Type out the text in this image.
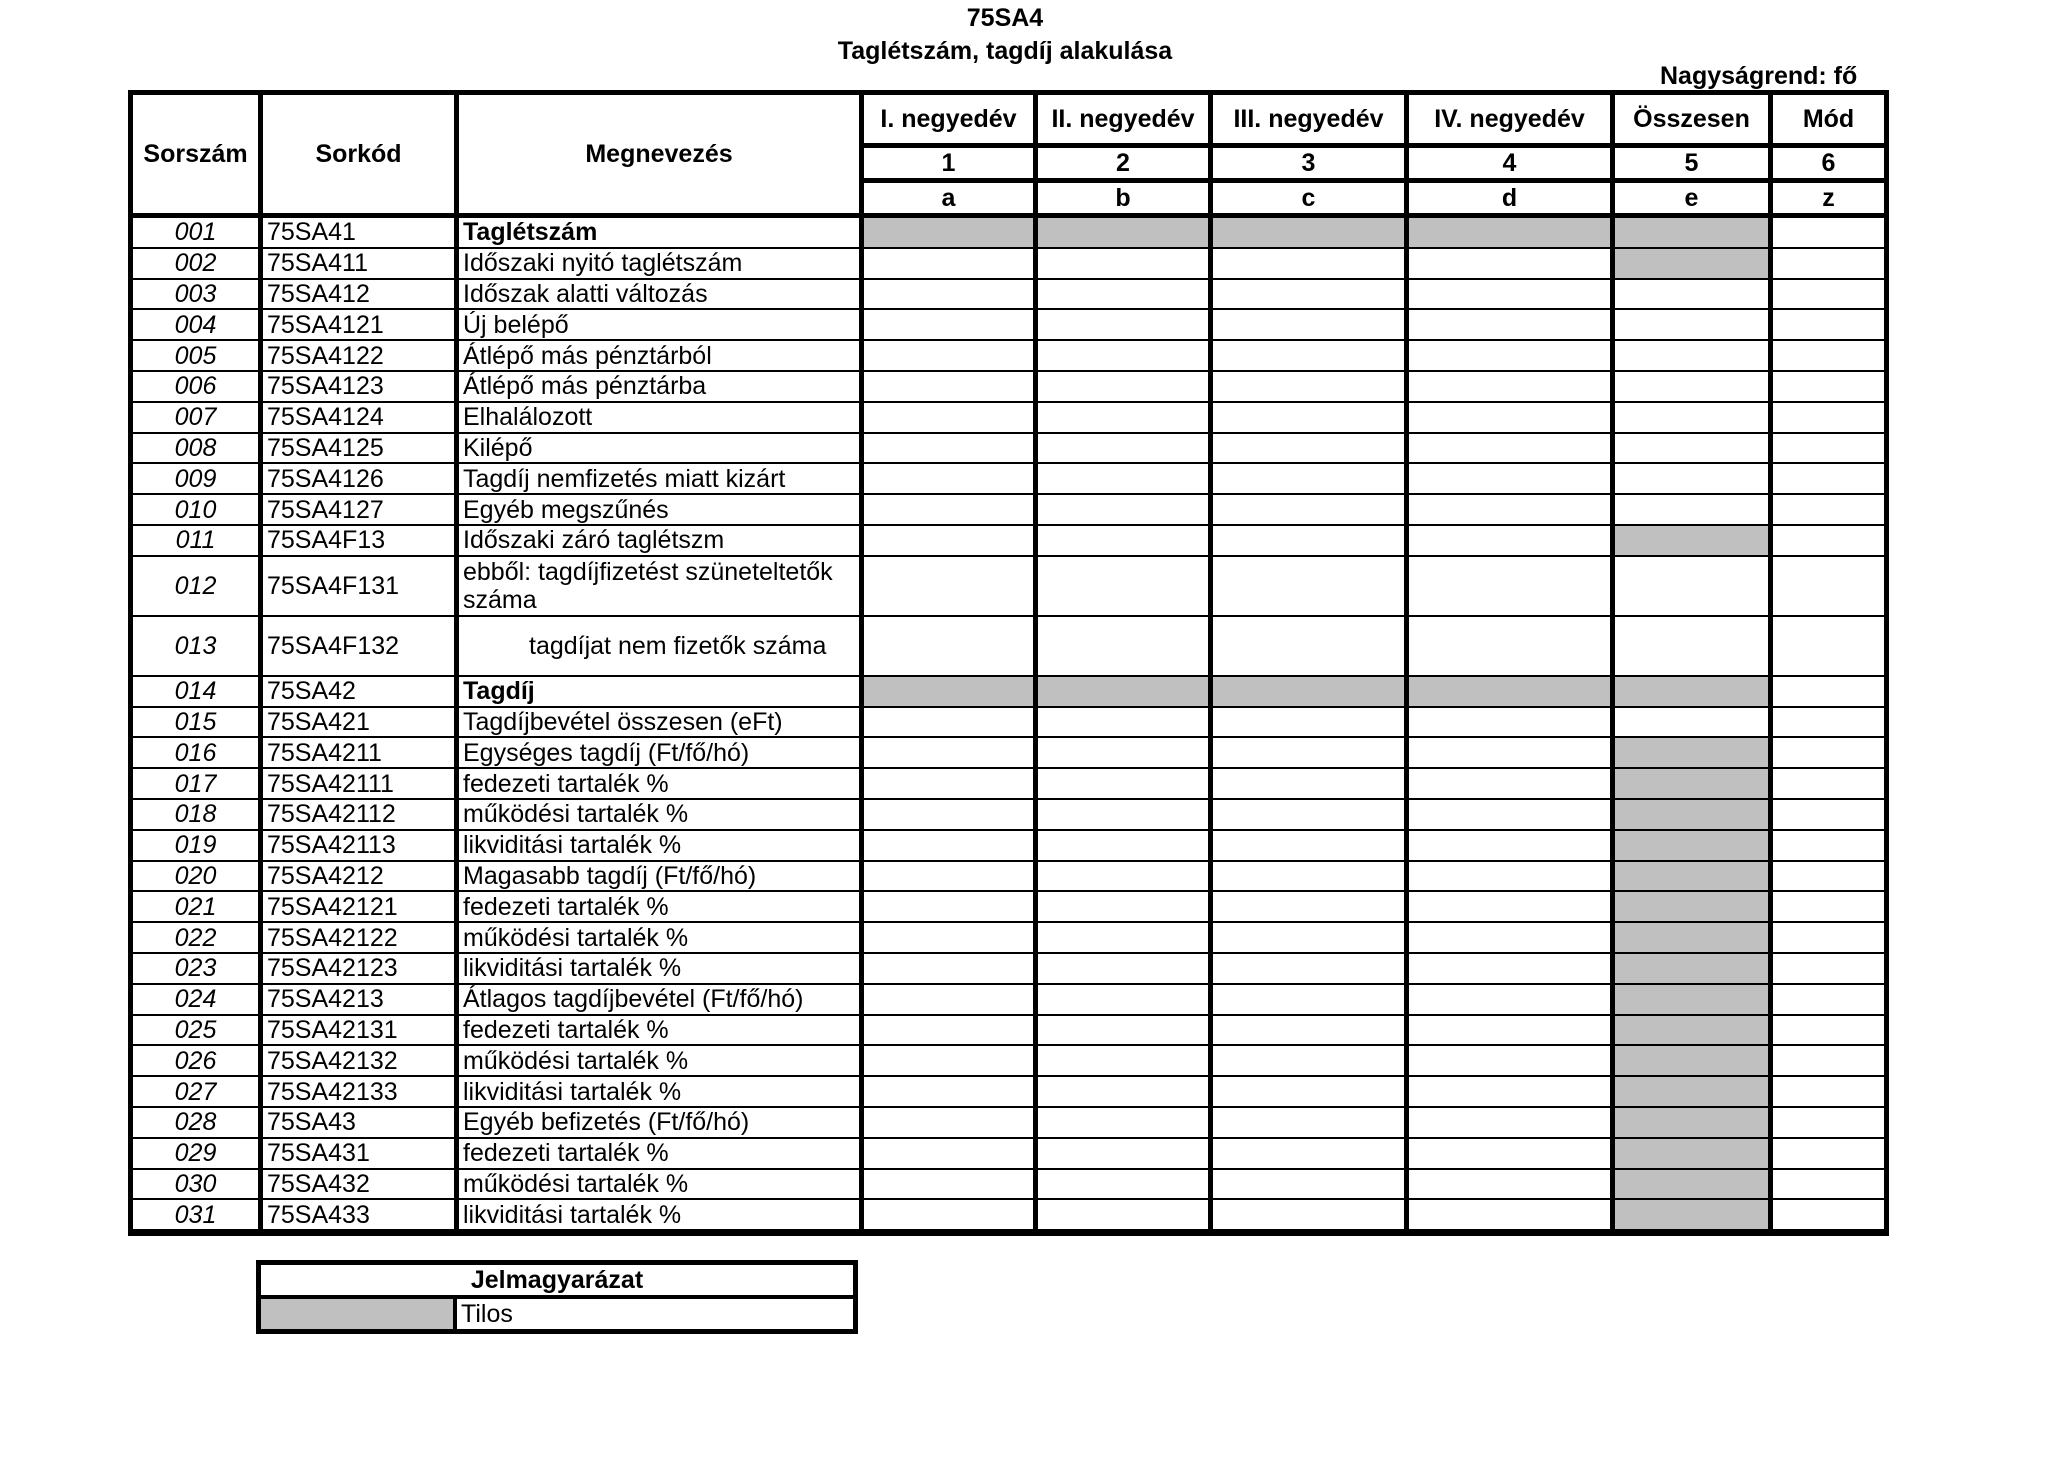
75SA4
Taglétszám, tagdíj alakulása
Nagyságrend: fő
Sorszám	Sorkód	Megnevezés	I. negyedév	II. negyedév	III. negyedév	IV. negyedév	Összesen	Mód
			1	2	3	4	5	6
			a	b	c	d	e	z
001	75SA41	Taglétszám						
002	75SA411	Időszaki nyitó taglétszám						
003	75SA412	Időszak alatti változás						
004	75SA4121	Új belépő						
005	75SA4122	Átlépő más pénztárból						
006	75SA4123	Átlépő más pénztárba						
007	75SA4124	Elhalálozott						
008	75SA4125	Kilépő						
009	75SA4126	Tagdíj nemfizetés miatt kizárt						
010	75SA4127	Egyéb megszűnés						
011	75SA4F13	Időszaki záró taglétszm						
012	75SA4F131	ebből: tagdíjfizetést szüneteltetők száma						
013	75SA4F132	tagdíjat nem fizetők száma						
014	75SA42	Tagdíj						
015	75SA421	Tagdíjbevétel összesen (eFt)						
016	75SA4211	Egységes tagdíj (Ft/fő/hó)						
017	75SA42111	fedezeti tartalék %						
018	75SA42112	működési tartalék %						
019	75SA42113	likviditási tartalék %						
020	75SA4212	Magasabb tagdíj (Ft/fő/hó)						
021	75SA42121	fedezeti tartalék %						
022	75SA42122	működési tartalék %						
023	75SA42123	likviditási tartalék %						
024	75SA4213	Átlagos tagdíjbevétel (Ft/fő/hó)						
025	75SA42131	fedezeti tartalék %						
026	75SA42132	működési tartalék %						
027	75SA42133	likviditási tartalék %						
028	75SA43	Egyéb befizetés (Ft/fő/hó)						
029	75SA431	fedezeti tartalék %						
030	75SA432	működési tartalék %						
031	75SA433	likviditási tartalék %						
Jelmagyarázat
	Tilos
